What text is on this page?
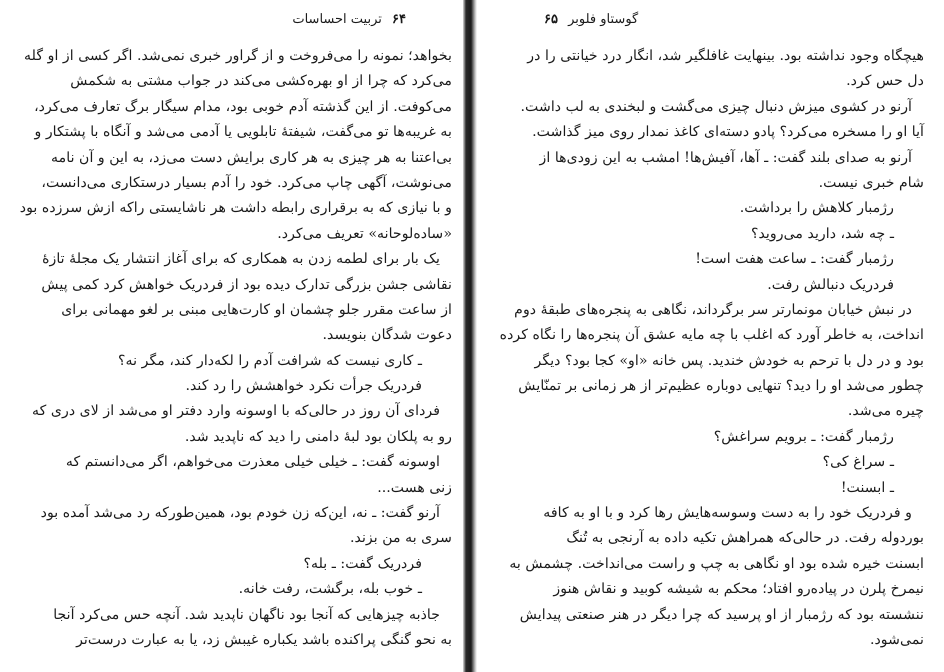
۶۴ تربیت احساسات
بخواهد؛ نمونه را می‌فروخت و از گراور خبری نمی‌شد. اگر کسی از او گله
می‌کرد که چرا از او بهره‌کشی می‌کند در جواب مشتی به شکمش
می‌کوفت. از این گذشته آدم خوبی بود، مدام سیگار برگ تعارف می‌کرد،
به غریبه‌ها تو می‌گفت، شیفتهٔ تابلویی یا آدمی می‌شد و آنگاه با پشتکار و
بی‌اعتنا به هر چیزی به هر کاری برایش دست می‌زد، به این و آن نامه
می‌نوشت، آگهی چاپ می‌کرد. خود را آدم بسیار درستکاری می‌دانست،
و با نیازی که به برقراری رابطه داشت هر ناشایستی راکه ازش سرزده بود
«ساده‌لوحانه» تعریف می‌کرد.
یک بار برای لطمه زدن به همکاری که برای آغاز انتشار یک مجلهٔ تازهٔ
نقاشی جشن بزرگی تدارک دیده بود از فردریک خواهش کرد کمی پیش
از ساعت مقرر جلو چشمان او کارت‌هایی مبنی بر لغو مهمانی برای
دعوت شدگان بنویسد.
ـ کاری نیست که شرافت آدم را لکه‌دار کند، مگر نه؟
فردریک جرأت نکرد خواهشش را رد کند.
فردای آن روز در حالی‌که با اوسونه وارد دفتر او می‌شد از لای دری که
رو به پلکان بود لبهٔ دامنی را دید که ناپدید شد.
اوسونه گفت: ـ خیلی خیلی معذرت می‌خواهم، اگر می‌دانستم که
زنی هست...
آرنو گفت: ـ نه، این‌که زن خودم بود، همین‌طورکه رد می‌شد آمده بود
سری به من بزند.
فردریک گفت: ـ بله؟
ـ خوب بله، برگشت، رفت خانه.
جاذبه چیزهایی که آنجا بود ناگهان ناپدید شد. آنچه حس می‌کرد آنجا
به نحو گنگی پراکنده باشد یکباره غیبش زد، یا به عبارت درست‌تر
گوستاو فلوبر ۶۵
هیچگاه وجود نداشته بود. بینهایت غافلگیر شد، انگار درد خیانتی را در
دل حس کرد.
آرنو در کشوی میزش دنبال چیزی می‌گشت و لبخندی به لب داشت.
آیا او را مسخره می‌کرد؟ پادو دسته‌ای کاغذ نمدار روی میز گذاشت.
آرنو به صدای بلند گفت: ـ آها، آفیش‌ها! امشب به این زودی‌ها از
شام خبری نیست.
رژمبار کلاهش را برداشت.
ـ چه شد، دارید می‌روید؟
رژمبار گفت: ـ ساعت هفت است!
فردریک دنبالش رفت.
در نبش خیابان مونمارتر سر برگرداند، نگاهی به پنجره‌های طبقهٔ دوم
انداخت، به خاطر آورد که اغلب با چه مایه عشق آن پنجره‌ها را نگاه کرده
بود و در دل با ترحم به خودش خندید. پس خانه «او» کجا بود؟ دیگر
چطور می‌شد او را دید؟ تنهایی دوباره عظیم‌تر از هر زمانی بر تمنّایش
چیره می‌شد.
رژمبار گفت: ـ برویم سراغش؟
ـ سراغ کی؟
ـ ابسنت!
و فردریک خود را به دست وسوسه‌هایش رها کرد و با او به کافه
بوردوله رفت. در حالی‌که همراهش تکیه داده به آرنجی به تُنگ
ابسنت خیره شده بود او نگاهی به چپ و راست می‌انداخت. چشمش به
نیمرخ پلرن در پیاده‌رو افتاد؛ محکم به شیشه کوبید و نقاش هنوز
ننشسته بود که رژمبار از او پرسید که چرا دیگر در هنر صنعتی پیدایش
نمی‌شود.
